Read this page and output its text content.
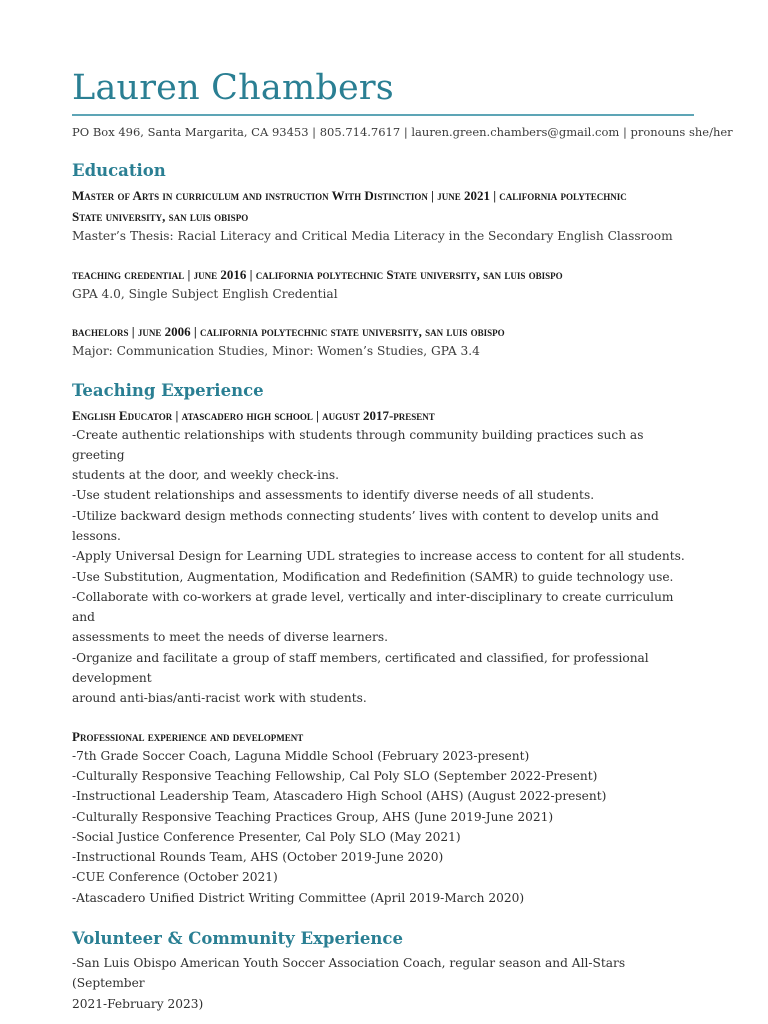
Lauren Chambers
PO Box 496, Santa Margarita, CA 93453 | 805.714.7617 | lauren.green.chambers@gmail.com | pronouns she/her
Education
Master of Arts in curriculum and instruction With Distinction | june 2021 | california polytechnic
State university, san luis obispo
Master’s Thesis: Racial Literacy and Critical Media Literacy in the Secondary English Classroom
teaching credential | june 2016 | california polytechnic State university, san luis obispo
GPA 4.0, Single Subject English Credential
bachelors | june 2006 | california polytechnic state university, san luis obispo
Major: Communication Studies, Minor: Women’s Studies, GPA 3.4
Teaching Experience
English Educator | atascadero high school | august 2017-present
-Create authentic relationships with students through community building practices such as greeting
students at the door, and weekly check-ins.
-Use student relationships and assessments to identify diverse needs of all students.
-Utilize backward design methods connecting students’ lives with content to develop units and lessons.
-Apply Universal Design for Learning UDL strategies to increase access to content for all students.
-Use Substitution, Augmentation, Modification and Redefinition (SAMR) to guide technology use.
-Collaborate with co-workers at grade level, vertically and inter-disciplinary to create curriculum and
assessments to meet the needs of diverse learners.
-Organize and facilitate a group of staff members, certificated and classified, for professional development
around anti-bias/anti-racist work with students.
Professional experience and development
-7th Grade Soccer Coach, Laguna Middle School (February 2023-present)
-Culturally Responsive Teaching Fellowship, Cal Poly SLO (September 2022-Present)
-Instructional Leadership Team, Atascadero High School (AHS) (August 2022-present)
-Culturally Responsive Teaching Practices Group, AHS (June 2019-June 2021)
-Social Justice Conference Presenter, Cal Poly SLO (May 2021)
-Instructional Rounds Team, AHS (October 2019-June 2020)
-CUE Conference (October 2021)
-Atascadero Unified District Writing Committee (April 2019-March 2020)
Volunteer & Community Experience
-San Luis Obispo American Youth Soccer Association Coach, regular season and All-Stars (September
2021-February 2023)
